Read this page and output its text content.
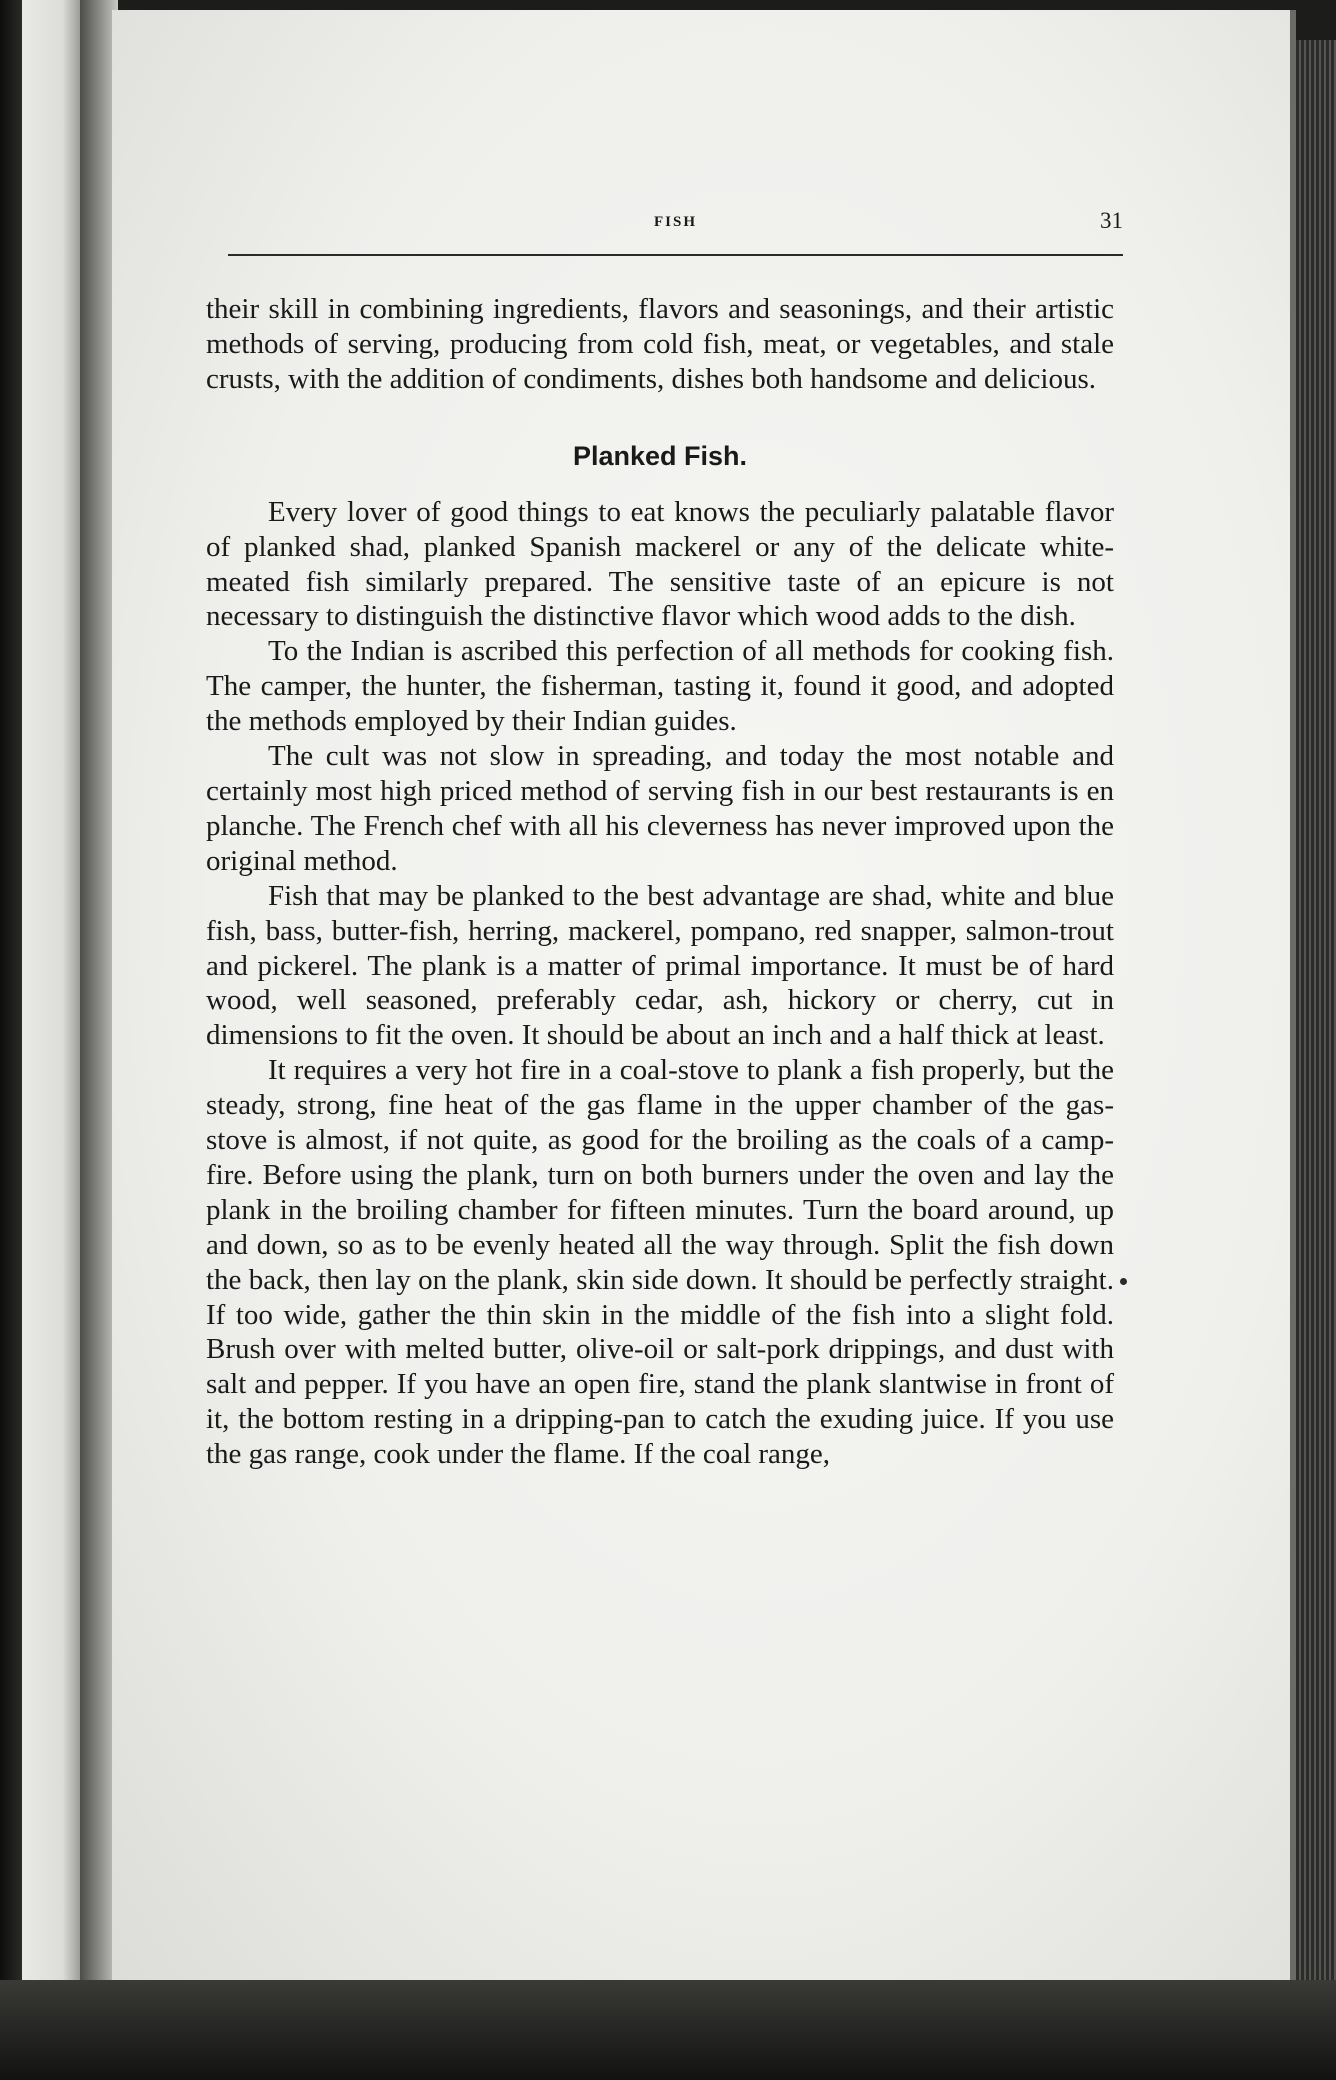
FISH	31

their skill in combining ingredients, flavors and seasonings, and their artistic methods of serving, producing from cold fish, meat, or vegetables, and stale crusts, with the addition of condiments, dishes both handsome and delicious.

Planked Fish.

Every lover of good things to eat knows the peculiarly palatable flavor of planked shad, planked Spanish mackerel or any of the delicate white-meated fish similarly prepared. The sensitive taste of an epicure is not necessary to distinguish the distinctive flavor which wood adds to the dish.

To the Indian is ascribed this perfection of all methods for cooking fish. The camper, the hunter, the fisherman, tasting it, found it good, and adopted the methods employed by their Indian guides.

The cult was not slow in spreading, and today the most notable and certainly most high priced method of serving fish in our best restaurants is en planche. The French chef with all his cleverness has never improved upon the original method.

Fish that may be planked to the best advantage are shad, white and blue fish, bass, butter-fish, herring, mackerel, pompano, red snapper, salmon-trout and pickerel. The plank is a matter of primal importance. It must be of hard wood, well seasoned, preferably cedar, ash, hickory or cherry, cut in dimensions to fit the oven. It should be about an inch and a half thick at least.

It requires a very hot fire in a coal-stove to plank a fish properly, but the steady, strong, fine heat of the gas flame in the upper chamber of the gas-stove is almost, if not quite, as good for the broiling as the coals of a camp-fire. Before using the plank, turn on both burners under the oven and lay the plank in the broiling chamber for fifteen minutes. Turn the board around, up and down, so as to be evenly heated all the way through. Split the fish down the back, then lay on the plank, skin side down. It should be perfectly straight. If too wide, gather the thin skin in the middle of the fish into a slight fold. Brush over with melted butter, olive-oil or salt-pork drippings, and dust with salt and pepper. If you have an open fire, stand the plank slantwise in front of it, the bottom resting in a dripping-pan to catch the exuding juice. If you use the gas range, cook under the flame. If the coal range,
